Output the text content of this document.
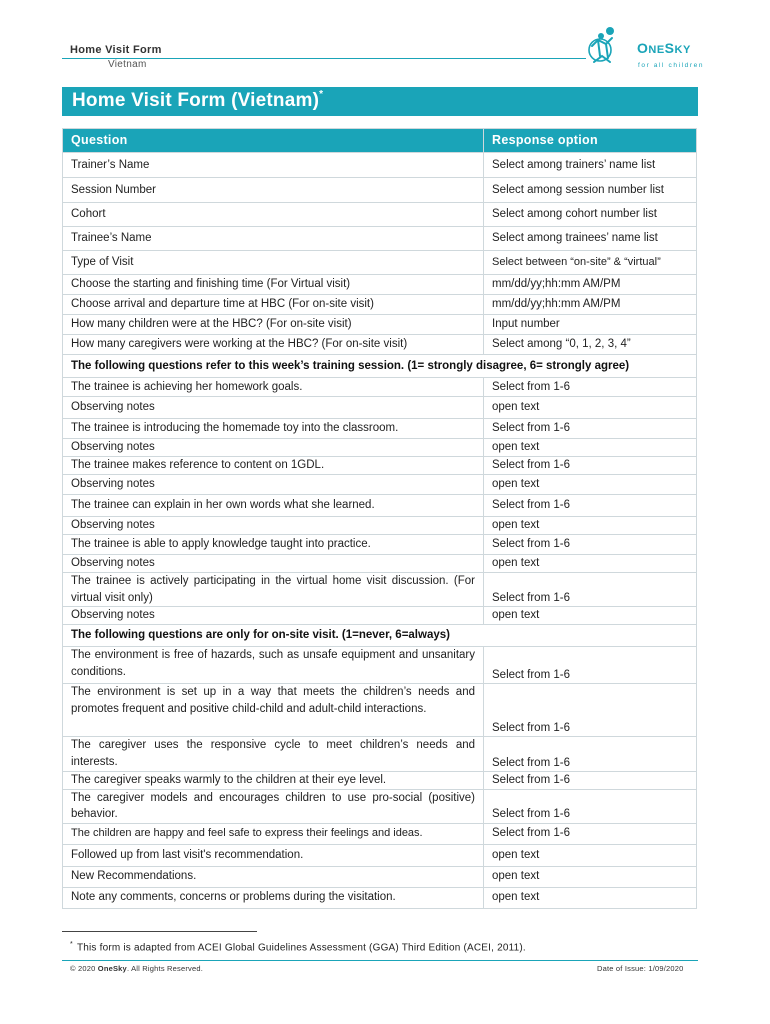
Home Visit Form
Vietnam
ONESKY
for all children
Home Visit Form (Vietnam)*
Question	Response option
Trainer’s Name	Select among trainers’ name list
Session Number	Select among session number list
Cohort	Select among cohort number list
Trainee’s Name	Select among trainees’ name list
Type of Visit	Select between “on-site” & “virtual”
Choose the starting and finishing time (For Virtual visit)	mm/dd/yy;hh:mm AM/PM
Choose arrival and departure time at HBC (For on-site visit)	mm/dd/yy;hh:mm AM/PM
How many children were at the HBC? (For on-site visit)	Input number
How many caregivers were working at the HBC? (For on-site visit)	Select among “0, 1, 2, 3, 4”
The following questions refer to this week’s training session. (1= strongly disagree, 6= strongly agree)	
The trainee is achieving her homework goals.	Select from 1-6
Observing notes	open text
The trainee is introducing the homemade toy into the classroom.	Select from 1-6
Observing notes	open text
The trainee makes reference to content on 1GDL.	Select from 1-6
Observing notes	open text
The trainee can explain in her own words what she learned.	Select from 1-6
Observing notes	open text
The trainee is able to apply knowledge taught into practice.	Select from 1-6
Observing notes	open text
The trainee is actively participating in the virtual home visit discussion. (For virtual visit only)	Select from 1-6
Observing notes	open text
The following questions are only for on-site visit. (1=never, 6=always)	
The environment is free of hazards, such as unsafe equipment and unsanitary conditions.	Select from 1-6
The environment is set up in a way that meets the children’s needs and promotes frequent and positive child-child and adult-child interactions.	Select from 1-6
The caregiver uses the responsive cycle to meet children’s needs and interests.	Select from 1-6
The caregiver speaks warmly to the children at their eye level.	Select from 1-6
The caregiver models and encourages children to use pro-social (positive) behavior.	Select from 1-6
The children are happy and feel safe to express their feelings and ideas.	Select from 1-6
Followed up from last visit's recommendation.	open text
New Recommendations.	open text
Note any comments, concerns or problems during the visitation.	open text
* This form is adapted from ACEI Global Guidelines Assessment (GGA) Third Edition (ACEI, 2011).
© 2020 OneSky. All Rights Reserved.	Date of Issue: 1/09/2020
